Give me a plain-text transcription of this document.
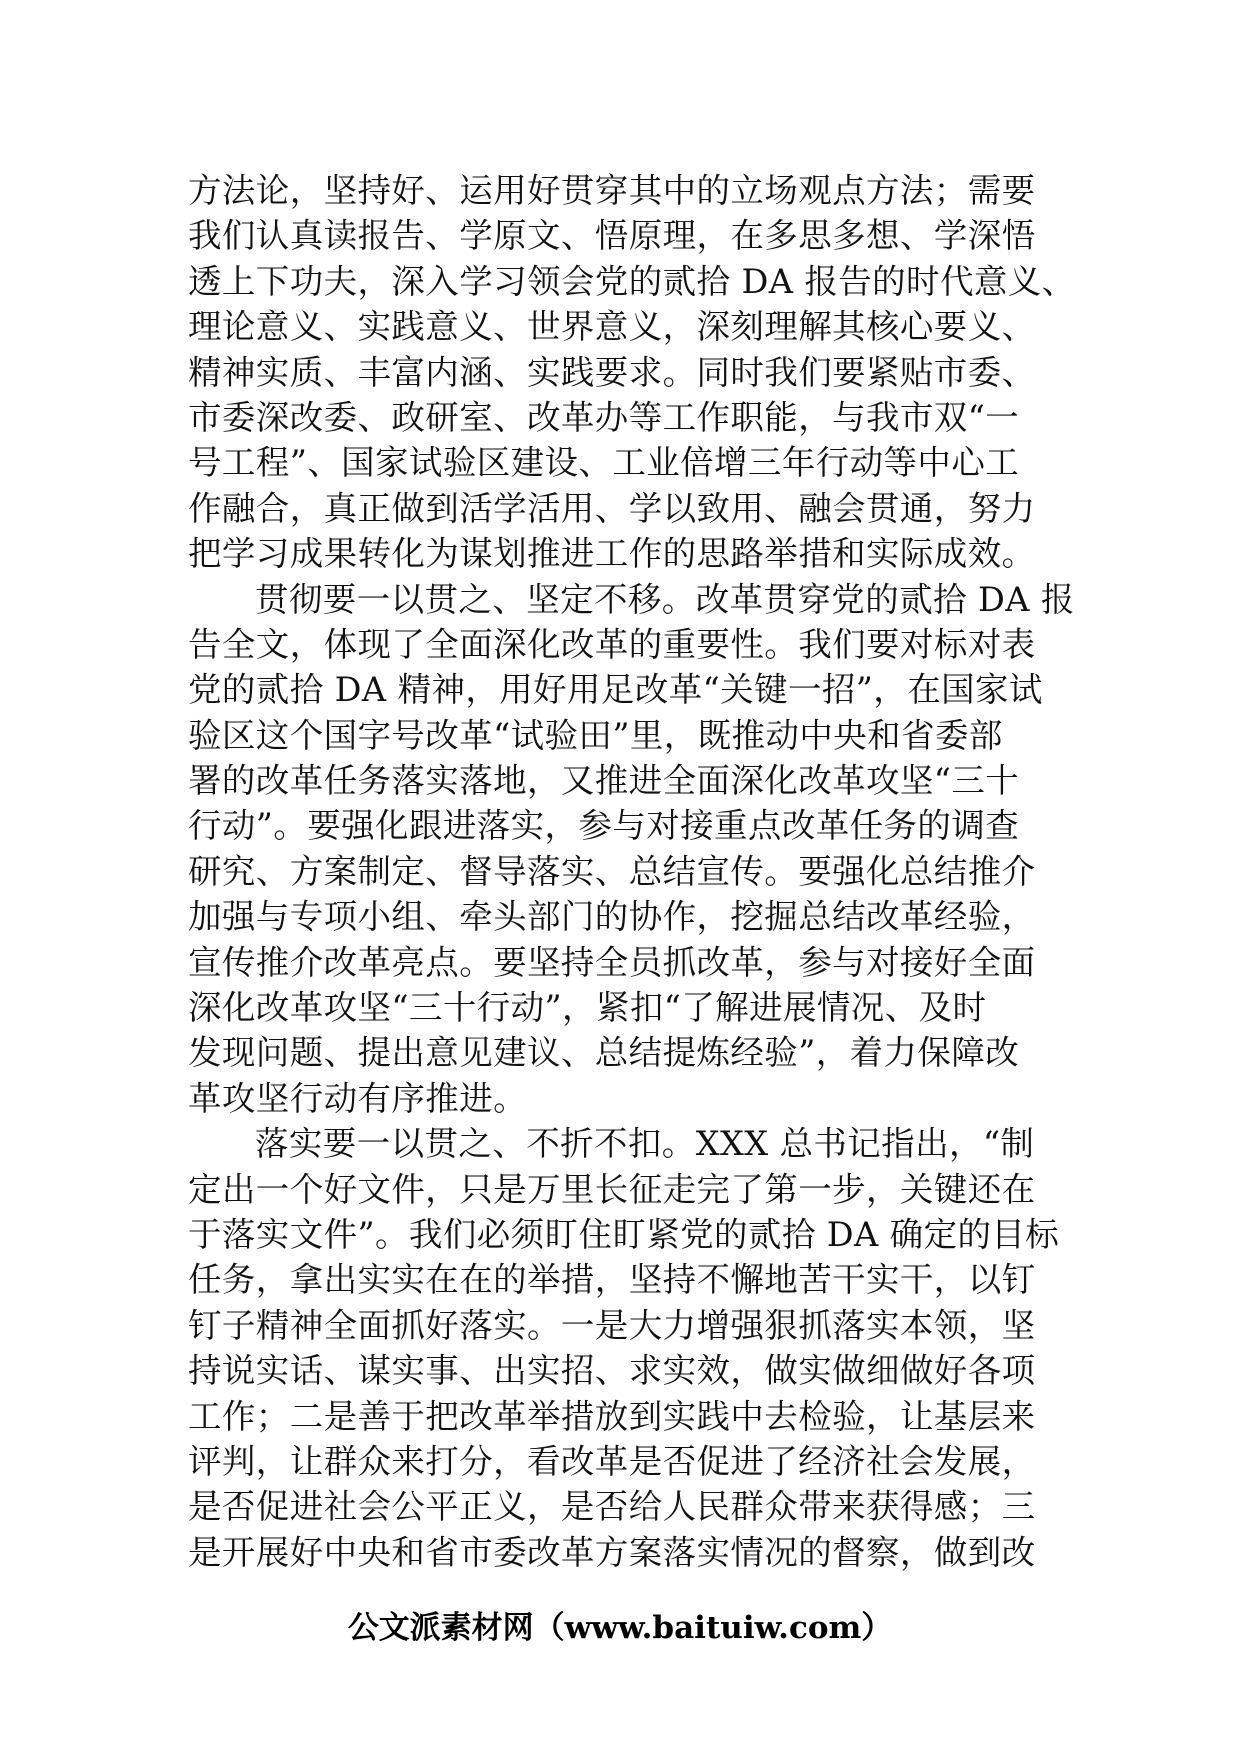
方法论，坚持好、运用好贯穿其中的立场观点方法；需要
我们认真读报告、学原文、悟原理，在多思多想、学深悟
透上下功夫，深入学习领会党的贰拾 DA 报告的时代意义、
理论意义、实践意义、世界意义，深刻理解其核心要义、
精神实质、丰富内涵、实践要求。同时我们要紧贴市委、
市委深改委、政研室、改革办等工作职能，与我市双“一
号工程”、国家试验区建设、工业倍增三年行动等中心工
作融合，真正做到活学活用、学以致用、融会贯通，努力
把学习成果转化为谋划推进工作的思路举措和实际成效。
贯彻要一以贯之、坚定不移。改革贯穿党的贰拾 DA 报
告全文，体现了全面深化改革的重要性。我们要对标对表
党的贰拾 DA 精神，用好用足改革“关键一招”，在国家试
验区这个国字号改革“试验田”里，既推动中央和省委部
署的改革任务落实落地，又推进全面深化改革攻坚“三十
行动”。要强化跟进落实，参与对接重点改革任务的调查
研究、方案制定、督导落实、总结宣传。要强化总结推介
加强与专项小组、牵头部门的协作，挖掘总结改革经验，
宣传推介改革亮点。要坚持全员抓改革，参与对接好全面
深化改革攻坚“三十行动”，紧扣“了解进展情况、及时
发现问题、提出意见建议、总结提炼经验”，着力保障改
革攻坚行动有序推进。
落实要一以贯之、不折不扣。XXX 总书记指出，“制
定出一个好文件，只是万里长征走完了第一步，关键还在
于落实文件”。我们必须盯住盯紧党的贰拾 DA 确定的目标
任务，拿出实实在在的举措，坚持不懈地苦干实干，以钉
钉子精神全面抓好落实。一是大力增强狠抓落实本领，坚
持说实话、谋实事、出实招、求实效，做实做细做好各项
工作；二是善于把改革举措放到实践中去检验，让基层来
评判，让群众来打分，看改革是否促进了经济社会发展，
是否促进社会公平正义，是否给人民群众带来获得感；三
是开展好中央和省市委改革方案落实情况的督察，做到改
公文派素材网（www.baituiw.com）
